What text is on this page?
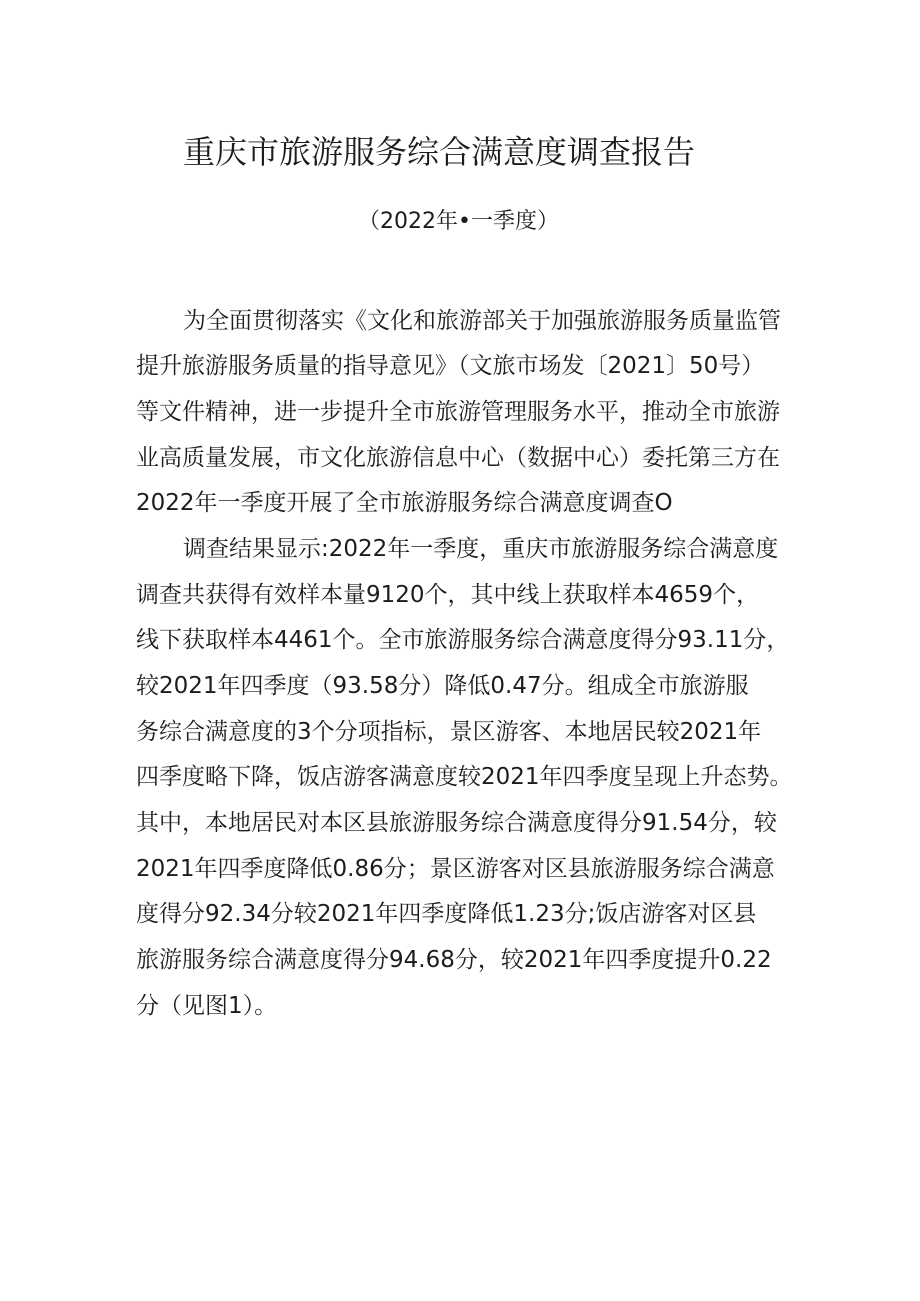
重庆市旅游服务综合满意度调查报告
（2022年•一季度）
为全面贯彻落实《文化和旅游部关于加强旅游服务质量监管
提升旅游服务质量的指导意见》（文旅市场发〔2021〕50号）
等文件精神，进一步提升全市旅游管理服务水平，推动全市旅游
业高质量发展，市文化旅游信息中心（数据中心）委托第三方在
2022年一季度开展了全市旅游服务综合满意度调查O
调查结果显示:2022年一季度，重庆市旅游服务综合满意度
调查共获得有效样本量9120个，其中线上获取样本4659个，
线下获取样本4461个。全市旅游服务综合满意度得分93.11分，
较2021年四季度（93.58分）降低0.47分。组成全市旅游服
务综合满意度的3个分项指标，景区游客、本地居民较2021年
四季度略下降，饭店游客满意度较2021年四季度呈现上升态势。
其中，本地居民对本区县旅游服务综合满意度得分91.54分，较
2021年四季度降低0.86分；景区游客对区县旅游服务综合满意
度得分92.34分较2021年四季度降低1.23分;饭店游客对区县
旅游服务综合满意度得分94.68分，较2021年四季度提升0.22
分（见图1）。
